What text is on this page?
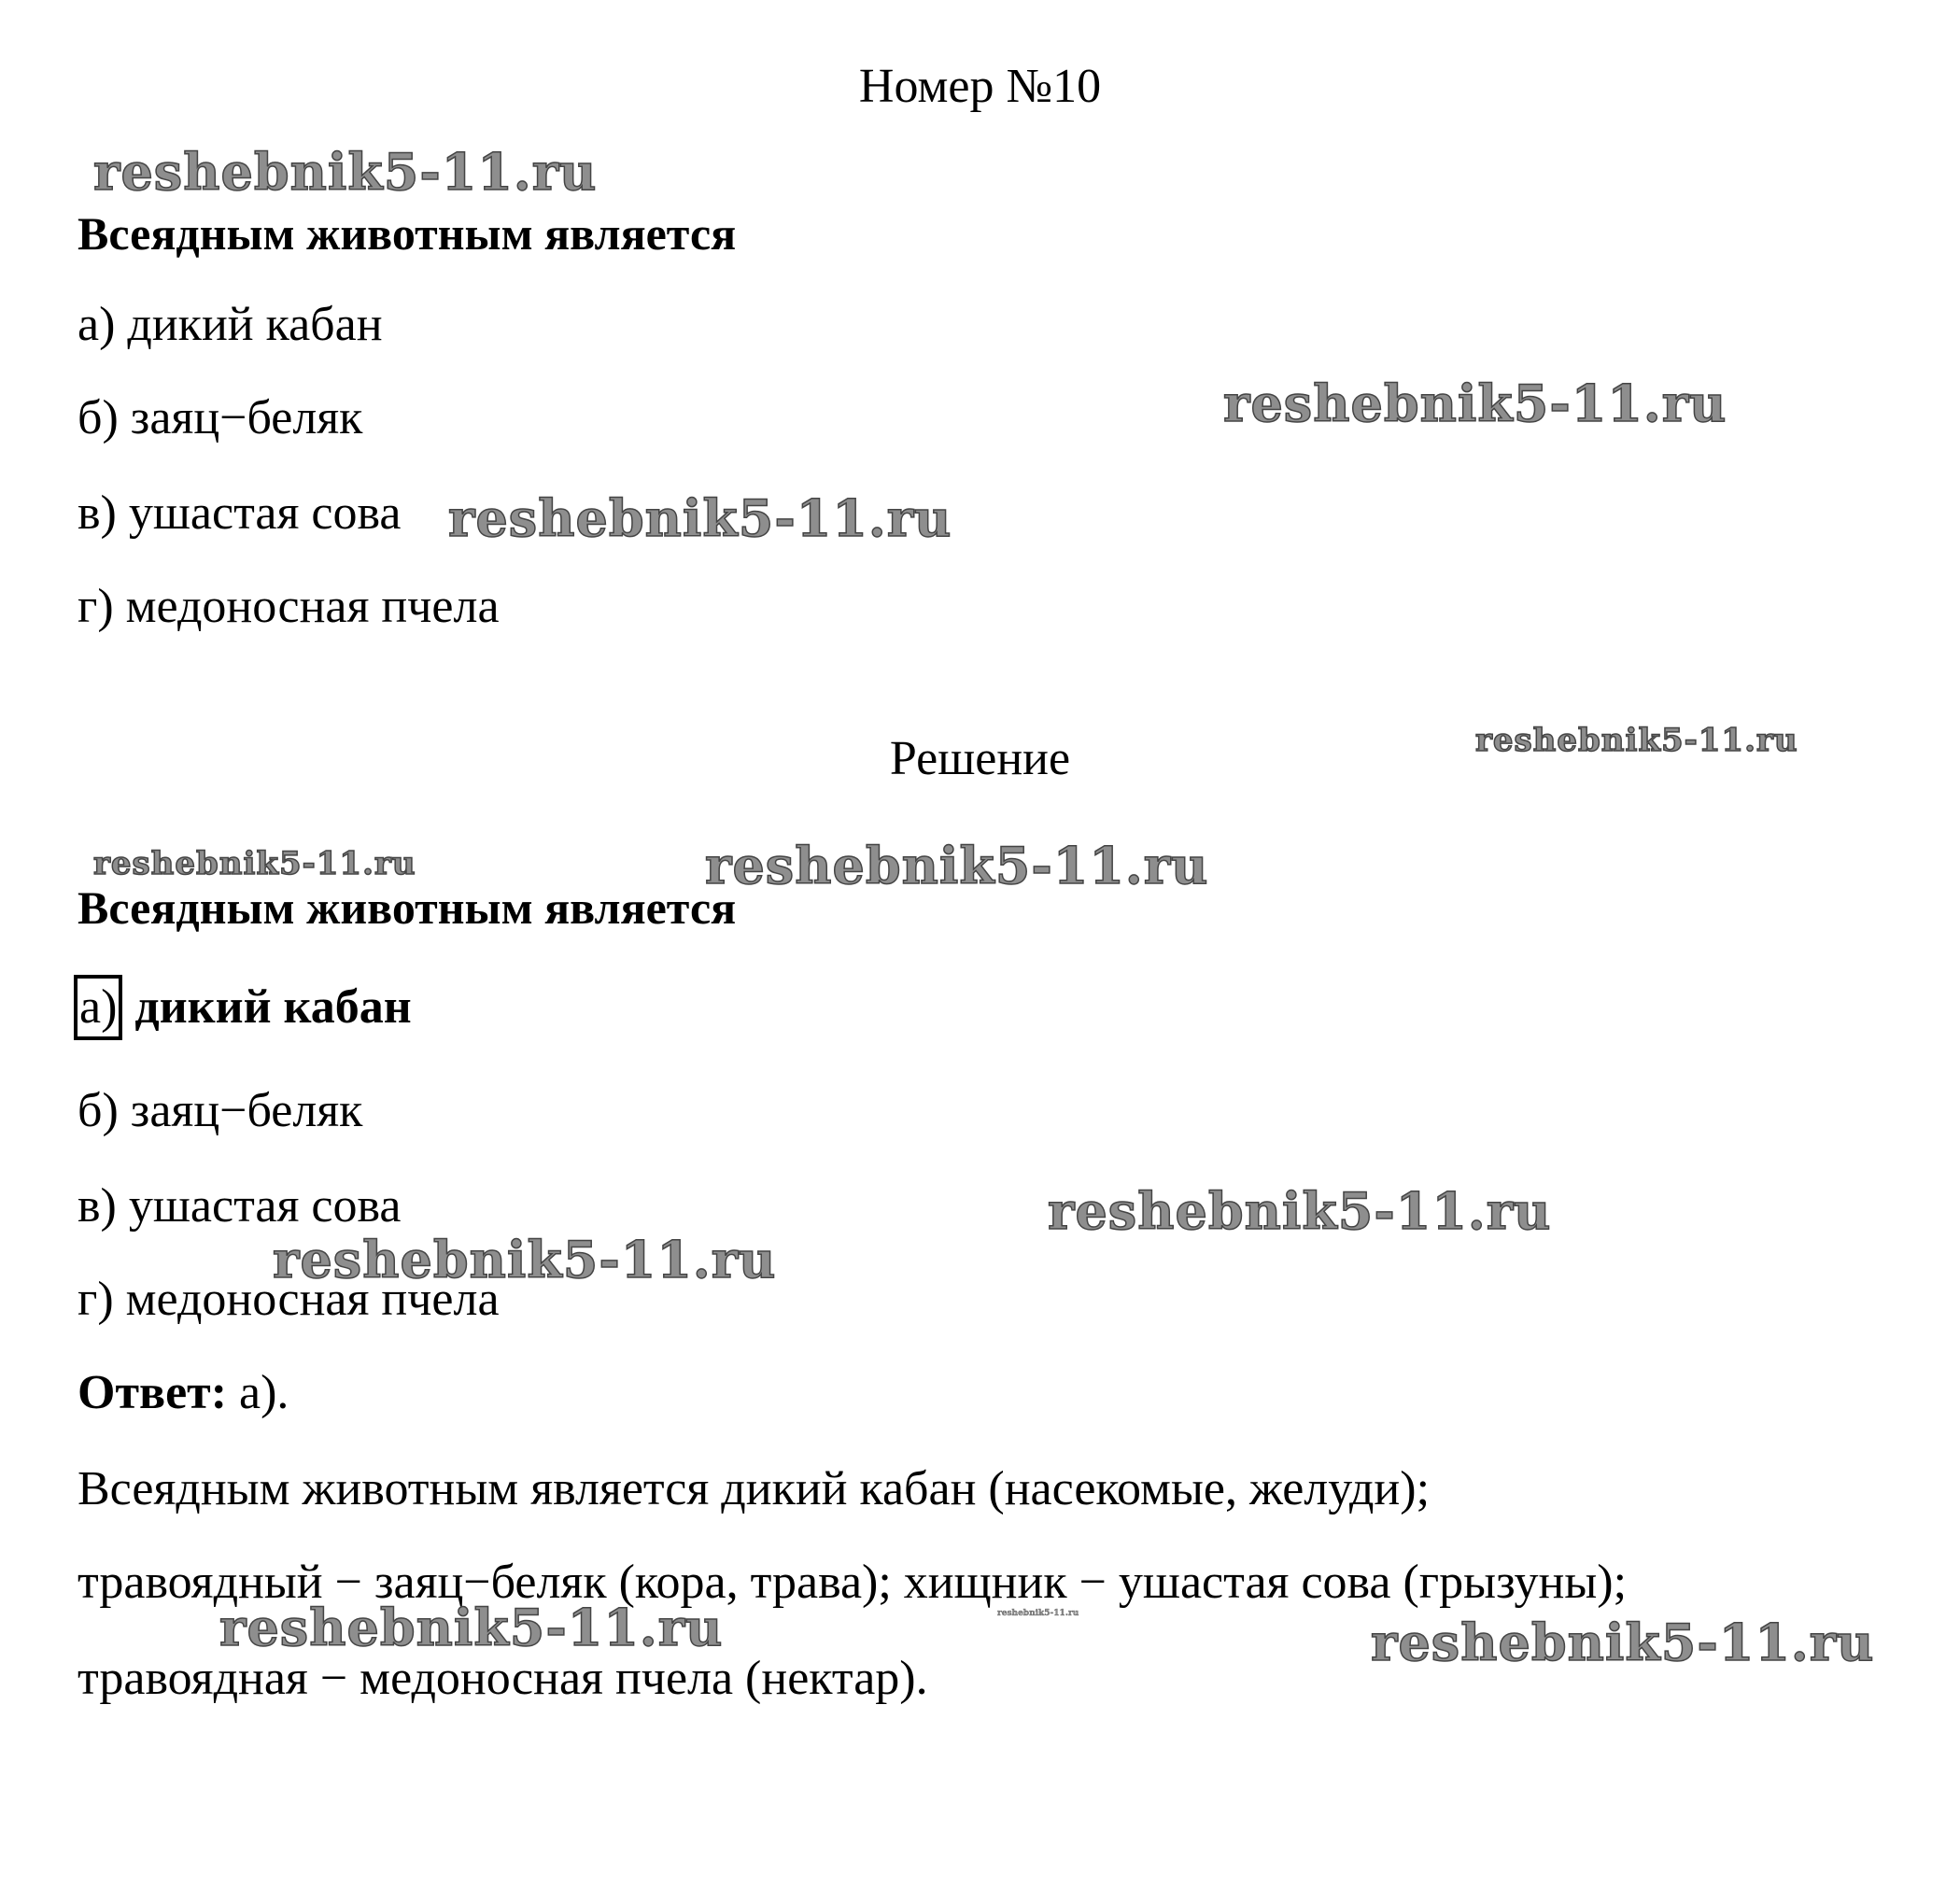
Номер №10
Всеядным животным является
а) дикий кабан
б) заяц−беляк
в) ушастая сова
г) медоносная пчела
Решение
Всеядным животным является
а) дикий кабан
б) заяц−беляк
в) ушастая сова
г) медоносная пчела
Ответ: а).
Всеядным животным является дикий кабан (насекомые, желуди);
травоядный − заяц−беляк (кора, трава); хищник − ушастая сова (грызуны);
травоядная − медоносная пчела (нектар).
reshebnik5-11.ru
reshebnik5-11.ru
reshebnik5-11.ru
reshebnik5-11.ru
reshebnik5-11.ru	reshebnik5-11.ru
reshebnik5-11.ru
reshebnik5-11.ru
reshebnik5-11.ru	reshebnik5-11.ru	reshebnik5-11.ru
